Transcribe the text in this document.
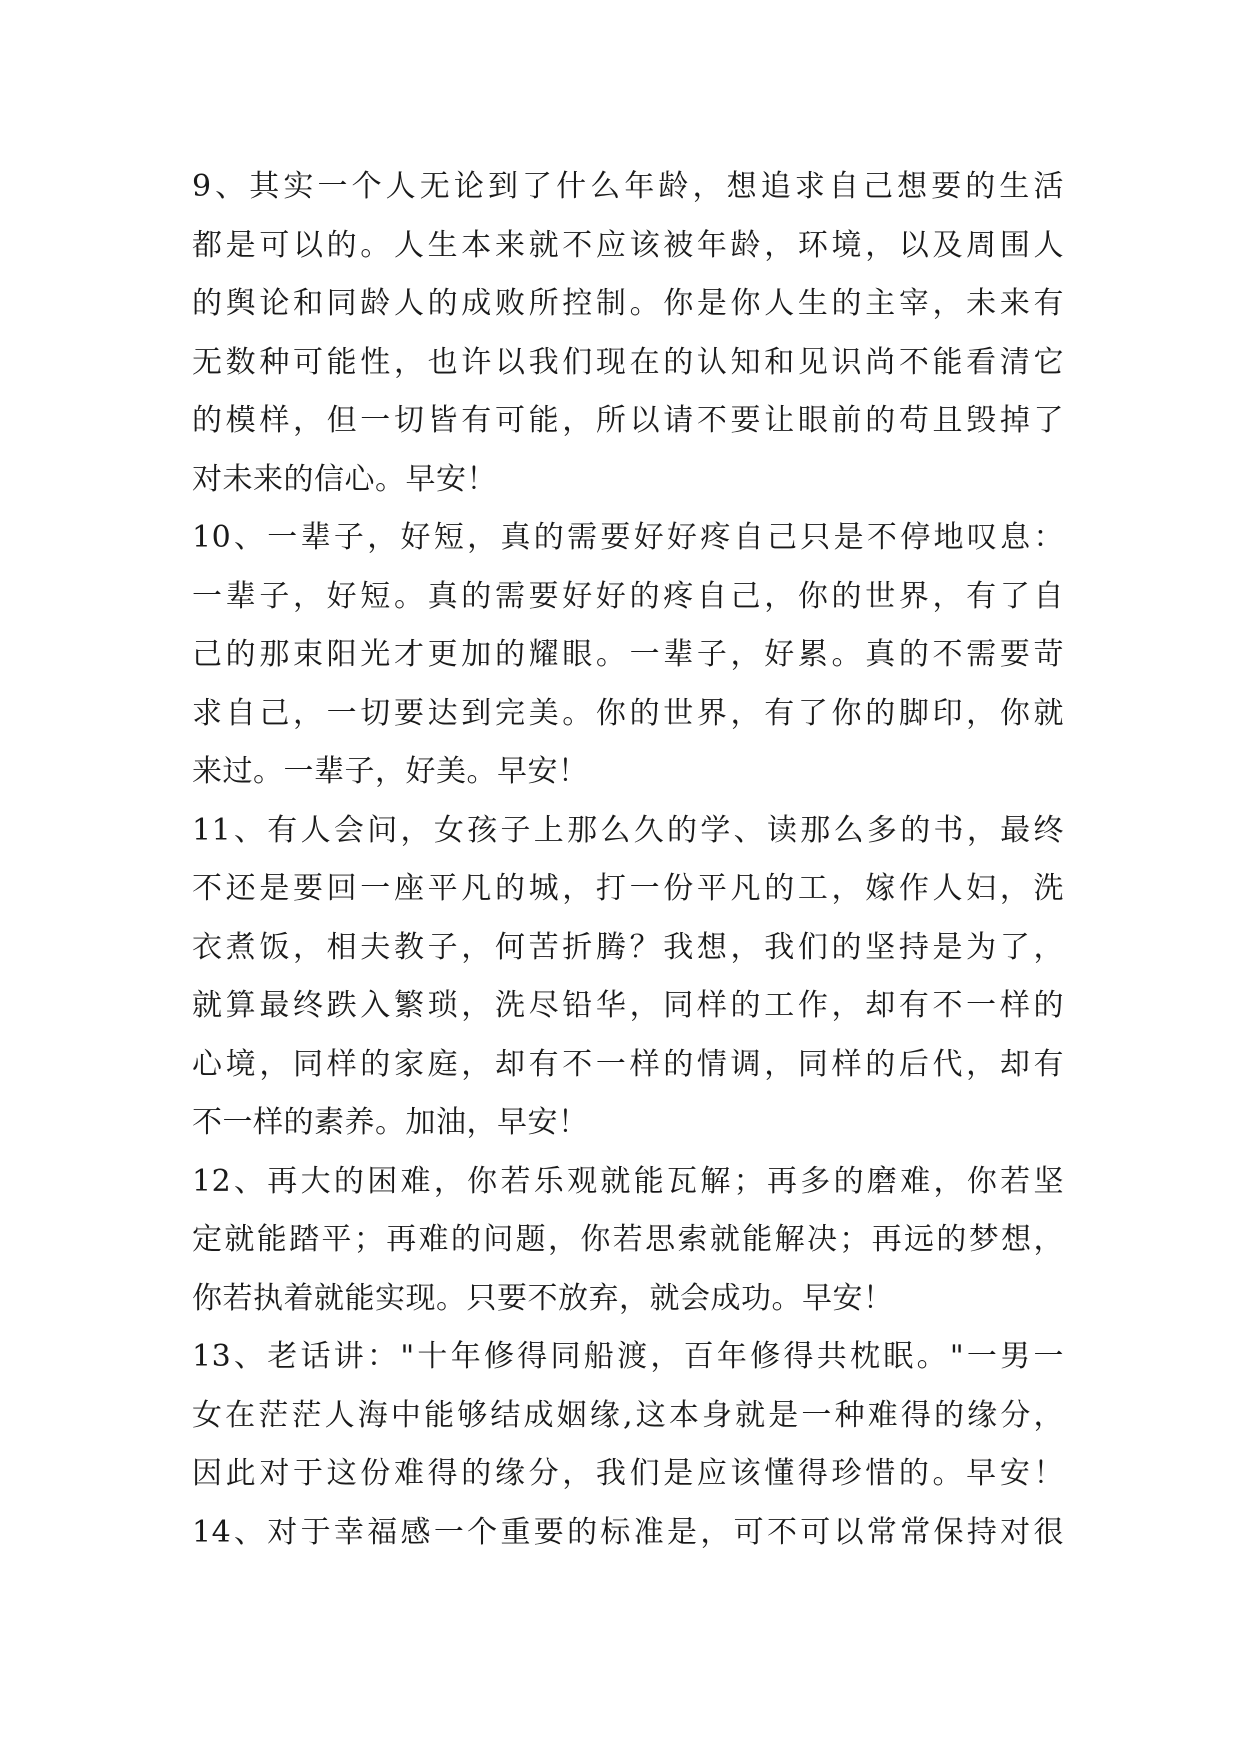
9、其实一个人无论到了什么年龄，想追求自己想要的生活
都是可以的。人生本来就不应该被年龄，环境，以及周围人
的舆论和同龄人的成败所控制。你是你人生的主宰，未来有
无数种可能性，也许以我们现在的认知和见识尚不能看清它
的模样，但一切皆有可能，所以请不要让眼前的苟且毁掉了
对未来的信心。早安！
10、一辈子，好短，真的需要好好疼自己只是不停地叹息：
一辈子，好短。真的需要好好的疼自己，你的世界，有了自
己的那束阳光才更加的耀眼。一辈子，好累。真的不需要苛
求自己，一切要达到完美。你的世界，有了你的脚印，你就
来过。一辈子，好美。早安！
11、有人会问，女孩子上那么久的学、读那么多的书，最终
不还是要回一座平凡的城，打一份平凡的工，嫁作人妇，洗
衣煮饭，相夫教子，何苦折腾？我想，我们的坚持是为了，
就算最终跌入繁琐，洗尽铅华，同样的工作，却有不一样的
心境，同样的家庭，却有不一样的情调，同样的后代，却有
不一样的素养。加油，早安！
12、再大的困难，你若乐观就能瓦解；再多的磨难，你若坚
定就能踏平；再难的问题，你若思索就能解决；再远的梦想，
你若执着就能实现。只要不放弃，就会成功。早安！
13、老话讲："十年修得同船渡，百年修得共枕眠。"一男一
女在茫茫人海中能够结成姻缘,这本身就是一种难得的缘分，
因此对于这份难得的缘分，我们是应该懂得珍惜的。早安！
14、对于幸福感一个重要的标准是，可不可以常常保持对很
